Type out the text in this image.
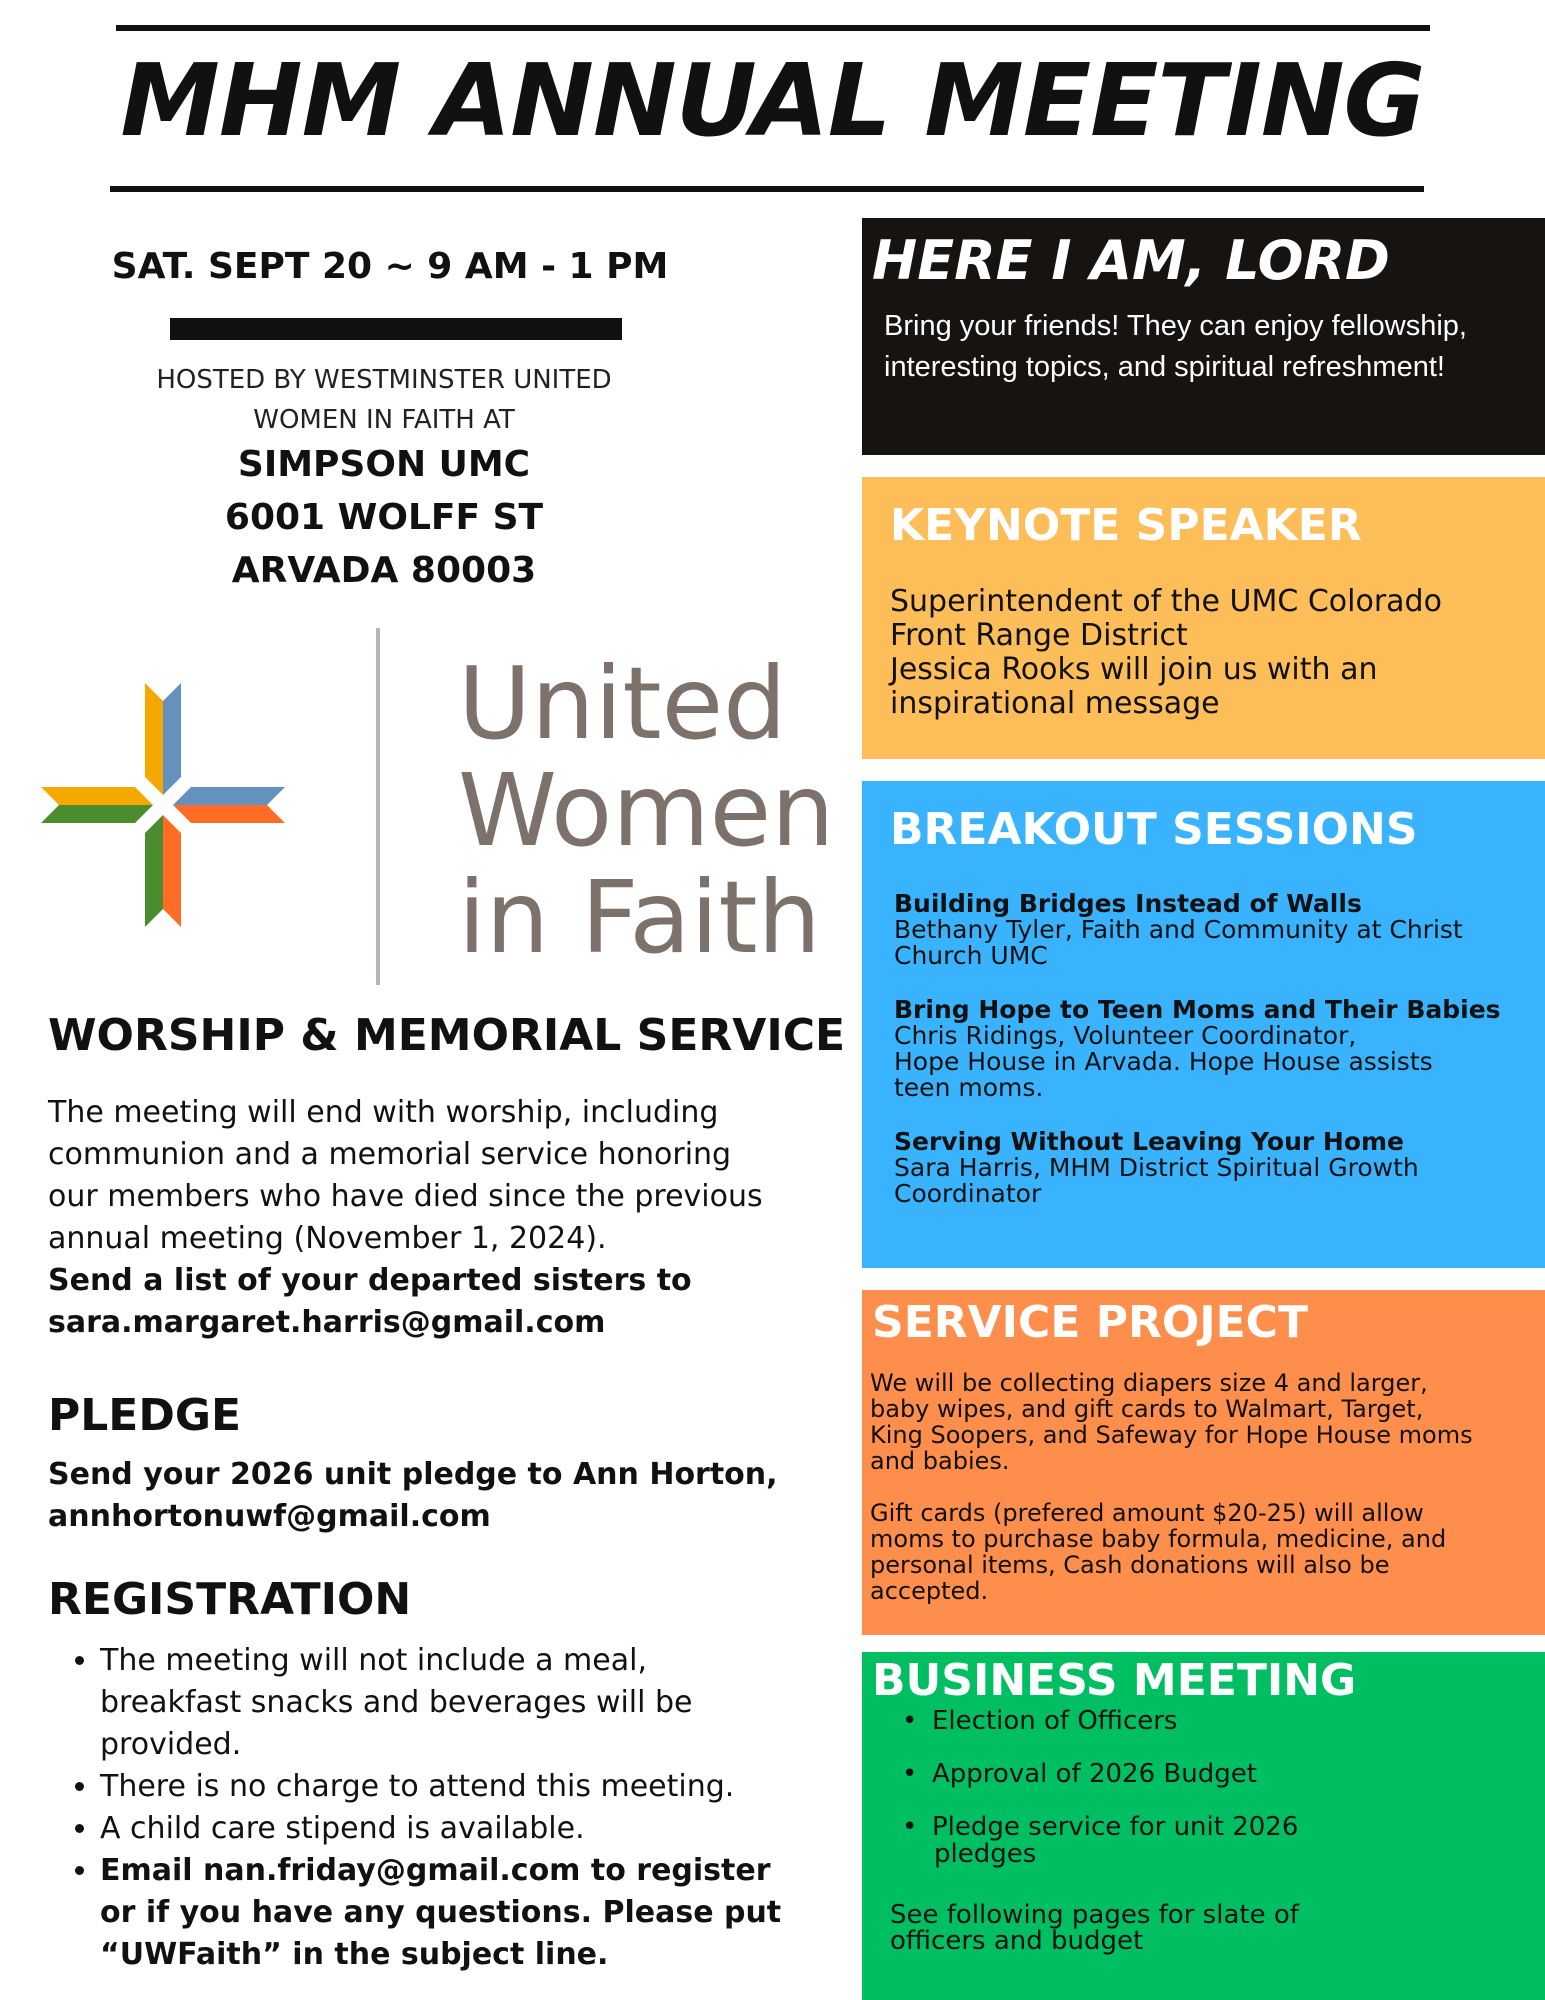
MHM ANNUAL MEETING
SAT. SEPT 20 ~ 9 AM - 1 PM
HOSTED BY WESTMINSTER UNITED
WOMEN IN FAITH AT
SIMPSON UMC
6001 WOLFF ST
ARVADA 80003
United
Women
in Faith
WORSHIP & MEMORIAL SERVICE
The meeting will end with worship, including
communion and a memorial service honoring
our members who have died since the previous
annual meeting (November 1, 2024).
Send a list of your departed sisters to
sara.margaret.harris@gmail.com
PLEDGE
Send your 2026 unit pledge to Ann Horton,
annhortonuwf@gmail.com
REGISTRATION
• The meeting will not include a meal,
breakfast snacks and beverages will be
provided.
• There is no charge to attend this meeting.
• A child care stipend is available.
• Email nan.friday@gmail.com to register
or if you have any questions. Please put
“UWFaith” in the subject line.
HERE I AM, LORD
Bring your friends! They can enjoy fellowship,
interesting topics, and spiritual refreshment!
KEYNOTE SPEAKER
Superintendent of the UMC Colorado
Front Range District
Jessica Rooks will join us with an
inspirational message
BREAKOUT SESSIONS
Building Bridges Instead of Walls
Bethany Tyler, Faith and Community at Christ
Church UMC
Bring Hope to Teen Moms and Their Babies
Chris Ridings, Volunteer Coordinator,
Hope House in Arvada. Hope House assists
teen moms.
Serving Without Leaving Your Home
Sara Harris, MHM District Spiritual Growth
Coordinator
SERVICE PROJECT
We will be collecting diapers size 4 and larger,
baby wipes, and gift cards to Walmart, Target,
King Soopers, and Safeway for Hope House moms
and babies.
Gift cards (prefered amount $20-25) will allow
moms to purchase baby formula, medicine, and
personal items, Cash donations will also be
accepted.
BUSINESS MEETING
• Election of Officers
• Approval of 2026 Budget
• Pledge service for unit 2026
pledges
See following pages for slate of
officers and budget
